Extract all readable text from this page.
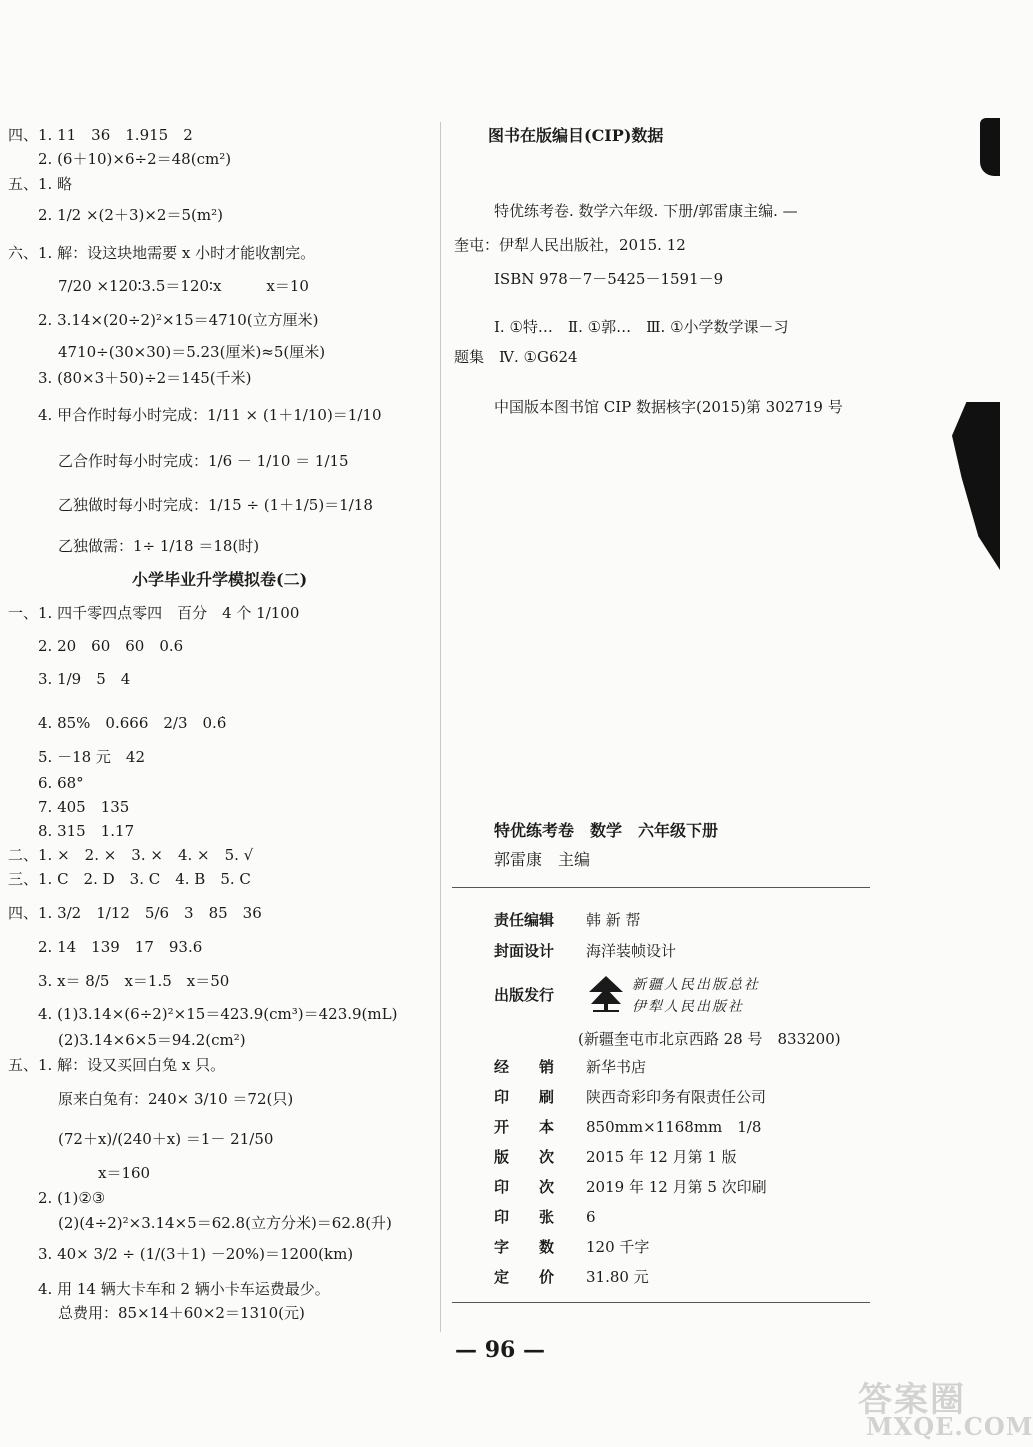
四、1. 11　36　1.915　2
2. (6＋10)×6÷2＝48(cm²)
五、1. 略
2. 1/2 ×(2＋3)×2＝5(m²)
六、1. 解：设这块地需要 x 小时才能收割完。
7/20 ×120∶3.5＝120∶x　　　x＝10
2. 3.14×(20÷2)²×15＝4710(立方厘米)
4710÷(30×30)＝5.23(厘米)≈5(厘米)
3. (80×3＋50)÷2＝145(千米)
4. 甲合作时每小时完成：1/11 × (1＋1/10)＝1/10
乙合作时每小时完成：1/6 － 1/10 ＝ 1/15
乙独做时每小时完成：1/15 ÷ (1＋1/5)＝1/18
乙独做需：1÷ 1/18 ＝18(时)
小学毕业升学模拟卷(二)
一、1. 四千零四点零四　百分　4 个 1/100
2. 20　60　60　0.6
3. 1/9　5　4
4. 85%　0.666　2/3　0.6̇
5. －18 元　42
6. 68°
7. 405　135
8. 315　1.17
二、1. ×　2. ×　3. ×　4. ×　5. √
三、1. C　2. D　3. C　4. B　5. C
四、1. 3/2　1/12　5/6　3　85　36
2. 14　139　17　93.6
3. x＝ 8/5　x＝1.5　x＝50
4. (1)3.14×(6÷2)²×15＝423.9(cm³)＝423.9(mL)
(2)3.14×6×5＝94.2(cm²)
五、1. 解：设又买回白兔 x 只。
原来白兔有：240× 3/10 ＝72(只)
(72＋x)/(240＋x) ＝1－ 21/50
x＝160
2. (1)②③
(2)(4÷2)²×3.14×5＝62.8(立方分米)＝62.8(升)
3. 40× 3/2 ÷ (1/(3＋1) －20%)＝1200(km)
4. 用 14 辆大卡车和 2 辆小卡车运费最少。
总费用：85×14＋60×2＝1310(元)
图书在版编目(CIP)数据
特优练考卷. 数学六年级. 下册/郭雷康主编. —
奎屯：伊犁人民出版社，2015. 12
ISBN 978－7－5425－1591－9
Ⅰ. ①特…　Ⅱ. ①郭…　Ⅲ. ①小学数学课－习
题集　Ⅳ. ①G624
中国版本图书馆 CIP 数据核字(2015)第 302719 号
特优练考卷　数学　六年级下册
郭雷康　主编
责任编辑 韩 新 帮
封面设计 海洋装帧设计
出版发行
新疆人民出版总社
伊犁人民出版社
(新疆奎屯市北京西路 28 号　833200)
经　　销 新华书店
印　　刷 陕西奇彩印务有限责任公司
开　　本 850mm×1168mm　1/8
版　　次 2015 年 12 月第 1 版
印　　次 2019 年 12 月第 5 次印刷
印　　张 6
字　　数 120 千字
定　　价 31.80 元
— 96 —
答案圈
MXQE.COM
